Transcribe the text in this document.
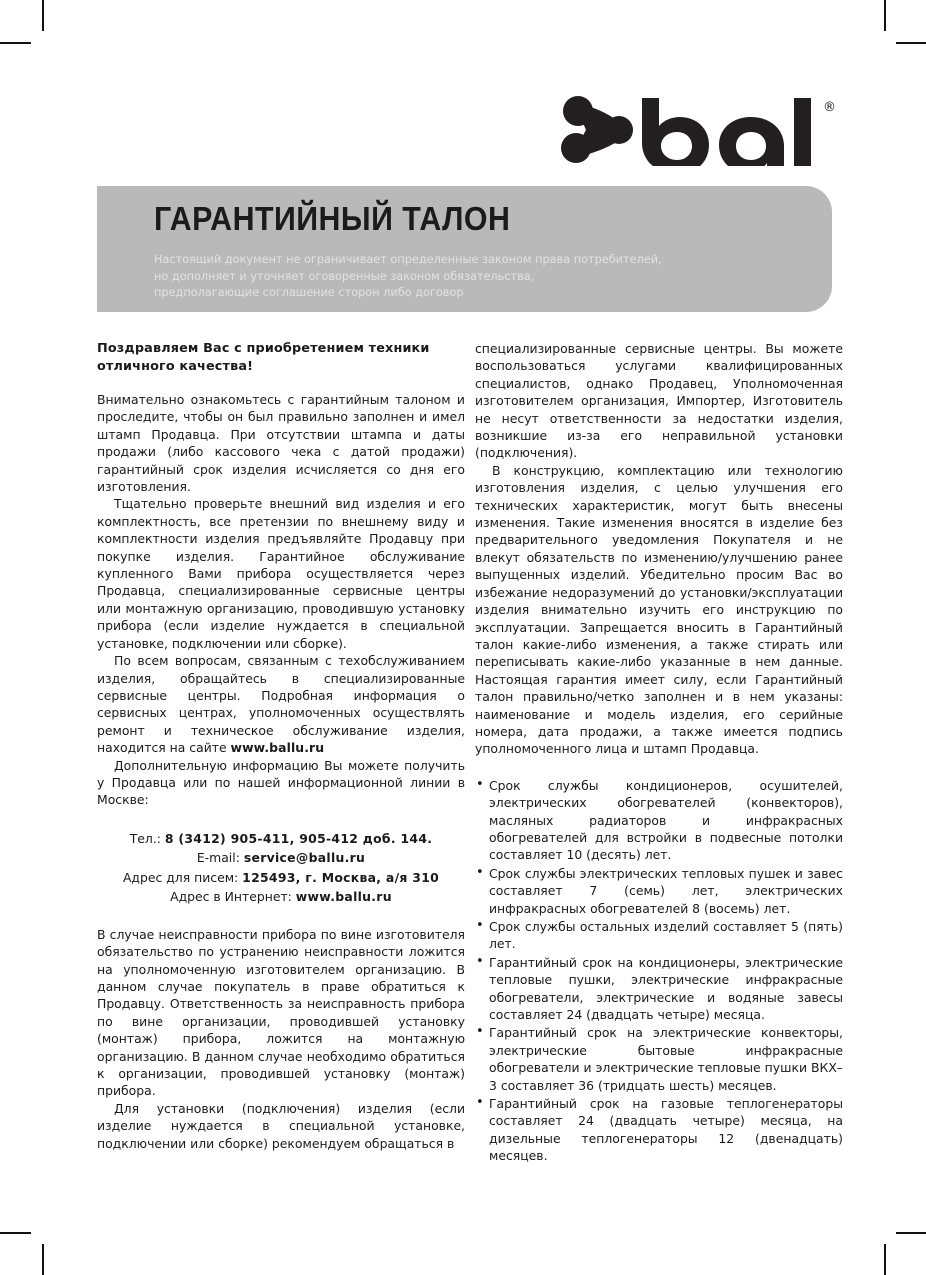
®
ГАРАНТИЙНЫЙ ТАЛОН
Настоящий документ не ограничивает определенные законом права потребителей,
но дополняет и уточняет оговоренные законом обязательства,
предполагающие соглашение сторон либо договор

Поздравляем Вас с приобретением техники отличного качества!

Внимательно ознакомьтесь с гарантийным талоном и проследите, чтобы он был правильно заполнен и имел штамп Продавца. При отсутствии штампа и даты продажи (либо кассового чека с датой продажи) гарантийный срок изделия исчисляется со дня его изготовления.

Тщательно проверьте внешний вид изделия и его комплектность, все претензии по внешнему виду и комплектности изделия предъявляйте Продавцу при покупке изделия. Гарантийное обслуживание купленного Вами прибора осуществляется через Продавца, специализированные сервисные центры или монтажную организацию, проводившую установку прибора (если изделие нуждается в специальной установке, подключении или сборке).

По всем вопросам, связанным с техобслуживанием изделия, обращайтесь в специализированные сервисные центры. Подробная информация о сервисных центрах, уполномоченных осуществлять ремонт и техническое обслуживание изделия, находится на сайте www.ballu.ru

Дополнительную информацию Вы можете получить у Продавца или по нашей информационной линии в Москве:

Тел.: 8 (3412) 905-411, 905-412 доб. 144.
E-mail: service@ballu.ru
Адрес для писем: 125493, г. Москва, а/я 310
Адрес в Интернет: www.ballu.ru

В случае неисправности прибора по вине изготовителя обязательство по устранению неисправности ложится на уполномоченную изготовителем организацию. В данном случае покупатель в праве обратиться к Продавцу. Ответственность за неисправность прибора по вине организации, проводившей установку (монтаж) прибора, ложится на монтажную организацию. В данном случае необходимо обратиться к организации, проводившей установку (монтаж) прибора.

Для установки (подключения) изделия (если изделие нуждается в специальной установке, подключении или сборке) рекомендуем обращаться в

специализированные сервисные центры. Вы можете воспользоваться услугами квалифицированных специалистов, однако Продавец, Уполномоченная изготовителем организация, Импортер, Изготовитель не несут ответственности за недостатки изделия, возникшие из-за его неправильной установки (подключения).

В конструкцию, комплектацию или технологию изготовления изделия, с целью улучшения его технических характеристик, могут быть внесены изменения. Такие изменения вносятся в изделие без предварительного уведомления Покупателя и не влекут обязательств по изменению/улучшению ранее выпущенных изделий. Убедительно просим Вас во избежание недоразумений до установки/эксплуатации изделия внимательно изучить его инструкцию по эксплуатации. Запрещается вносить в Гарантийный талон какие-либо изменения, а также стирать или переписывать какие-либо указанные в нем данные. Настоящая гарантия имеет силу, если Гарантийный талон правильно/четко заполнен и в нем указаны: наименование и модель изделия, его серийные номера, дата продажи, а также имеется подпись уполномоченного лица и штамп Продавца.

• Срок службы кондиционеров, осушителей, электрических обогревателей (конвекторов), масляных радиаторов и инфракрасных обогревателей для встройки в подвесные потолки составляет 10 (десять) лет.
• Срок службы электрических тепловых пушек и завес составляет 7 (семь) лет, электрических инфракрасных обогревателей 8 (восемь) лет.
• Срок службы остальных изделий составляет 5 (пять) лет.
• Гарантийный срок на кондиционеры, электрические тепловые пушки, электрические инфракрасные обогреватели, электрические и водяные завесы составляет 24 (двадцать четыре) месяца.
• Гарантийный срок на электрические конвекторы, электрические бытовые инфракрасные обогреватели и электрические тепловые пушки ВКХ–3 составляет 36 (тридцать шесть) месяцев.
• Гарантийный срок на газовые теплогенераторы составляет 24 (двадцать четыре) месяца, на дизельные теплогенераторы 12 (двенадцать) месяцев.
